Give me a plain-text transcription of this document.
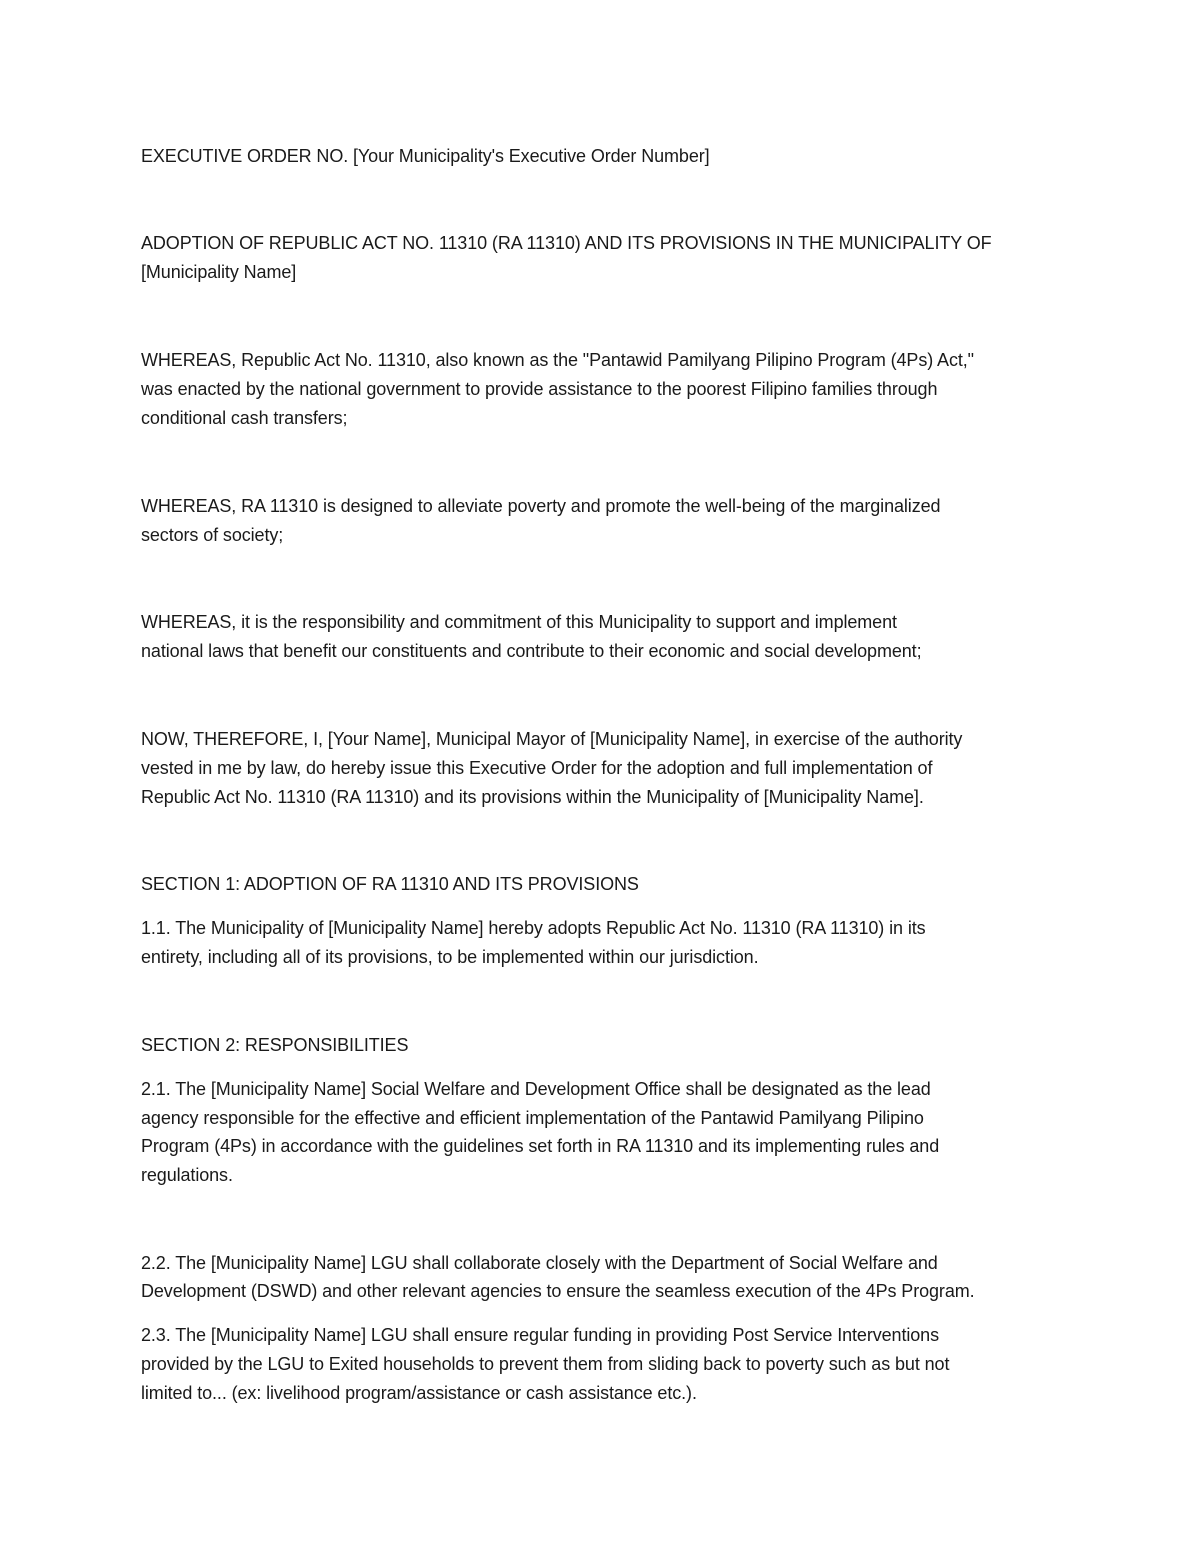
EXECUTIVE ORDER NO. [Your Municipality's Executive Order Number]

ADOPTION OF REPUBLIC ACT NO. 11310 (RA 11310) AND ITS PROVISIONS IN THE MUNICIPALITY OF

[Municipality Name]

WHEREAS, Republic Act No. 11310, also known as the "Pantawid Pamilyang Pilipino Program (4Ps) Act,"

was enacted by the national government to provide assistance to the poorest Filipino families through

conditional cash transfers;

WHEREAS, RA 11310 is designed to alleviate poverty and promote the well-being of the marginalized

sectors of society;

WHEREAS, it is the responsibility and commitment of this Municipality to support and implement

national laws that benefit our constituents and contribute to their economic and social development;

NOW, THEREFORE, I, [Your Name], Municipal Mayor of [Municipality Name], in exercise of the authority

vested in me by law, do hereby issue this Executive Order for the adoption and full implementation of

Republic Act No. 11310 (RA 11310) and its provisions within the Municipality of [Municipality Name].

SECTION 1: ADOPTION OF RA 11310 AND ITS PROVISIONS

1.1. The Municipality of [Municipality Name] hereby adopts Republic Act No. 11310 (RA 11310) in its

entirety, including all of its provisions, to be implemented within our jurisdiction.

SECTION 2: RESPONSIBILITIES

2.1. The [Municipality Name] Social Welfare and Development Office shall be designated as the lead

agency responsible for the effective and efficient implementation of the Pantawid Pamilyang Pilipino

Program (4Ps) in accordance with the guidelines set forth in RA 11310 and its implementing rules and

regulations.

2.2. The [Municipality Name] LGU shall collaborate closely with the Department of Social Welfare and

Development (DSWD) and other relevant agencies to ensure the seamless execution of the 4Ps Program.

2.3. The [Municipality Name] LGU shall ensure regular funding in providing Post Service Interventions

provided by the LGU to Exited households to prevent them from sliding back to poverty such as but not

limited to... (ex: livelihood program/assistance or cash assistance etc.).
